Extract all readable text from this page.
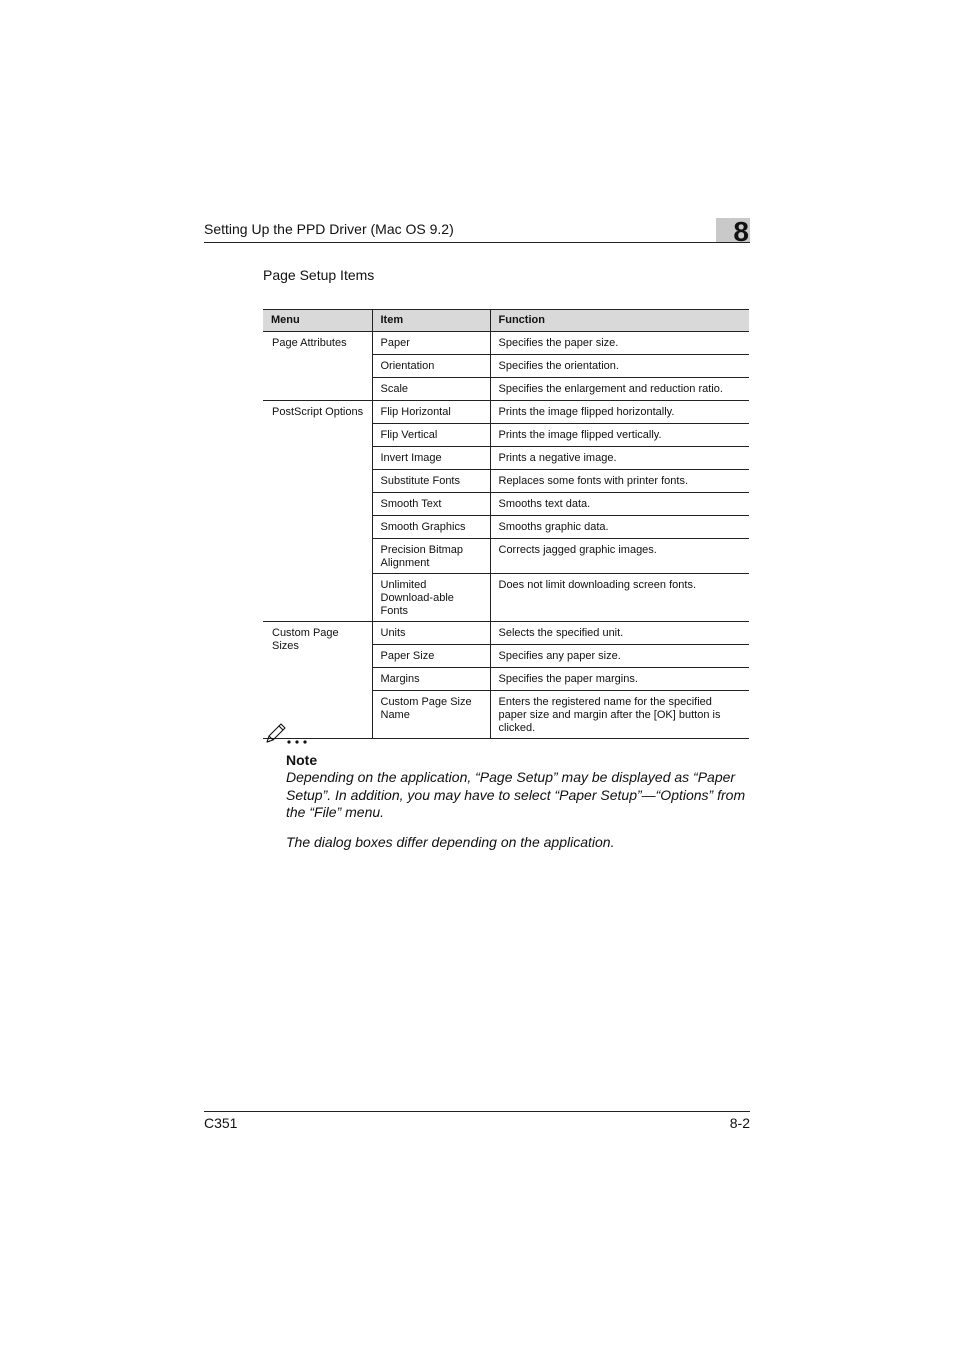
Setting Up the PPD Driver (Mac OS 9.2)	8
Page Setup Items
Menu	Item	Function
Page Attributes	Paper	Specifies the paper size.
	Orientation	Specifies the orientation.
	Scale	Specifies the enlargement and reduction ratio.
PostScript Options	Flip Horizontal	Prints the image flipped horizontally.
	Flip Vertical	Prints the image flipped vertically.
	Invert Image	Prints a negative image.
	Substitute Fonts	Replaces some fonts with printer fonts.
	Smooth Text	Smooths text data.
	Smooth Graphics	Smooths graphic data.
	Precision Bitmap Alignment	Corrects jagged graphic images.
	Unlimited Download-able Fonts	Does not limit downloading screen fonts.
Custom Page Sizes	Units	Selects the specified unit.
	Paper Size	Specifies any paper size.
	Margins	Specifies the paper margins.
	Custom Page Size Name	Enters the registered name for the specified paper size and margin after the [OK] button is clicked.
Note

Depending on the application, “Page Setup” may be displayed as “Paper Setup”. In addition, you may have to select “Paper Setup”—“Options” from the “File” menu.

The dialog boxes differ depending on the application.

C351	8-2
